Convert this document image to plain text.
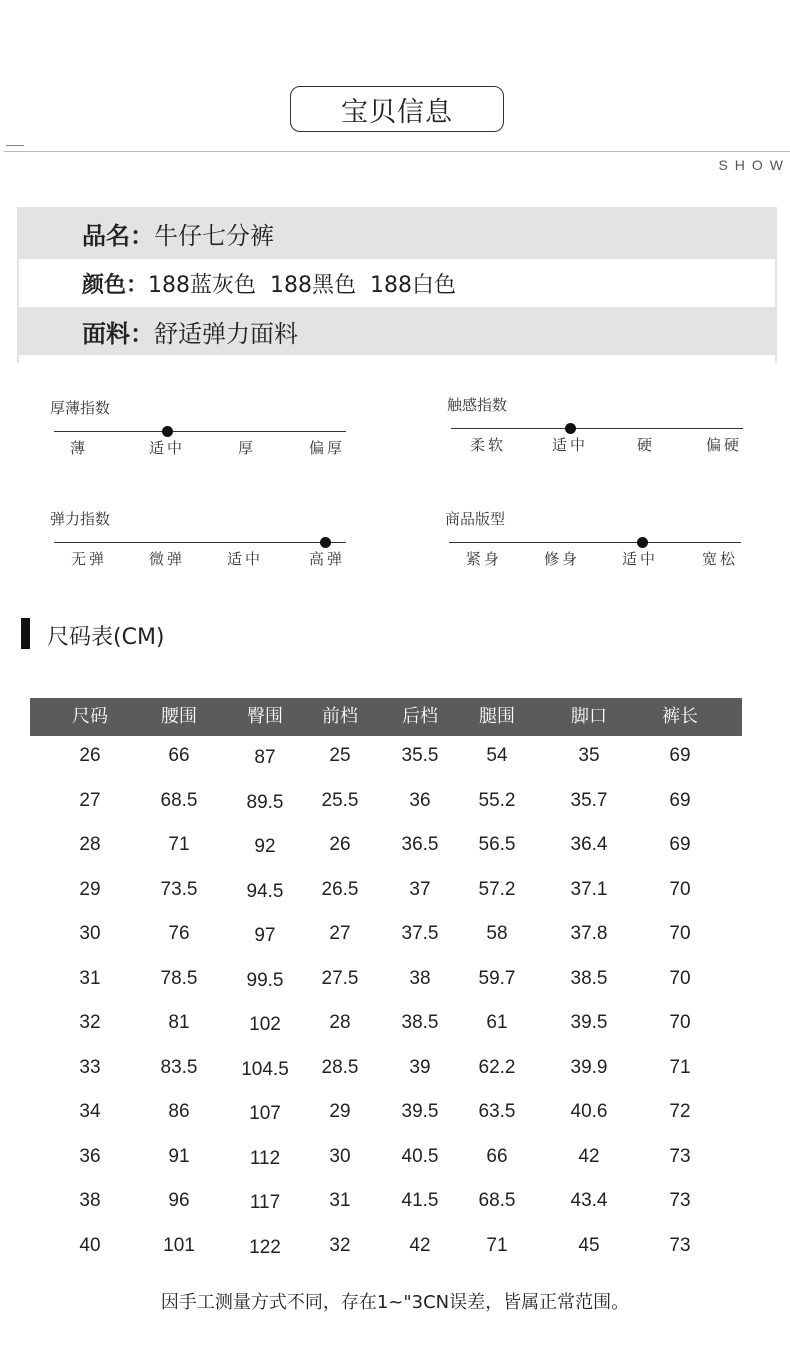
宝贝信息
SHOW
品名： 牛仔七分裤
颜色： 188蓝灰色  188黑色  188白色
面料： 舒适弹力面料
厚薄指数
薄	适中	厚	偏厚
触感指数
柔软	适中	硬	偏硬
弹力指数
无弹	微弹	适中	高弹
商品版型
紧身	修身	适中	宽松
尺码表(CM)
尺码	腰围	臀围	前档	后档	腿围	脚口	裤长
26	66	87	25	35.5	54	35	69
27	68.5	89.5	25.5	36	55.2	35.7	69
28	71	92	26	36.5	56.5	36.4	69
29	73.5	94.5	26.5	37	57.2	37.1	70
30	76	97	27	37.5	58	37.8	70
31	78.5	99.5	27.5	38	59.7	38.5	70
32	81	102	28	38.5	61	39.5	70
33	83.5	104.5	28.5	39	62.2	39.9	71
34	86	107	29	39.5	63.5	40.6	72
36	91	112	30	40.5	66	42	73
38	96	117	31	41.5	68.5	43.4	73
40	101	122	32	42	71	45	73
因手工测量方式不同，存在1~"3CN误差，皆属正常范围。
